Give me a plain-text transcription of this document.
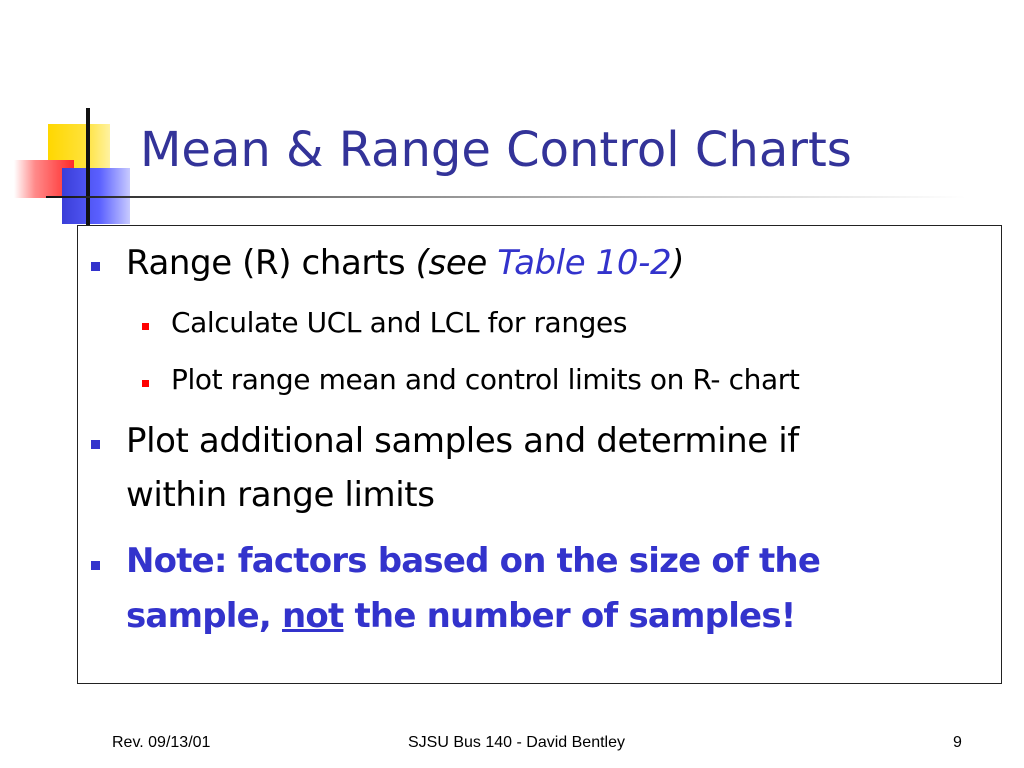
Mean & Range Control Charts
Range (R) charts (see Table 10-2)
Calculate UCL and LCL for ranges
Plot range mean and control limits on R- chart
Plot additional samples and determine if
within range limits
Note: factors based on the size of the
sample, not the number of samples!
Rev. 09/13/01	SJSU Bus 140 - David Bentley	9
